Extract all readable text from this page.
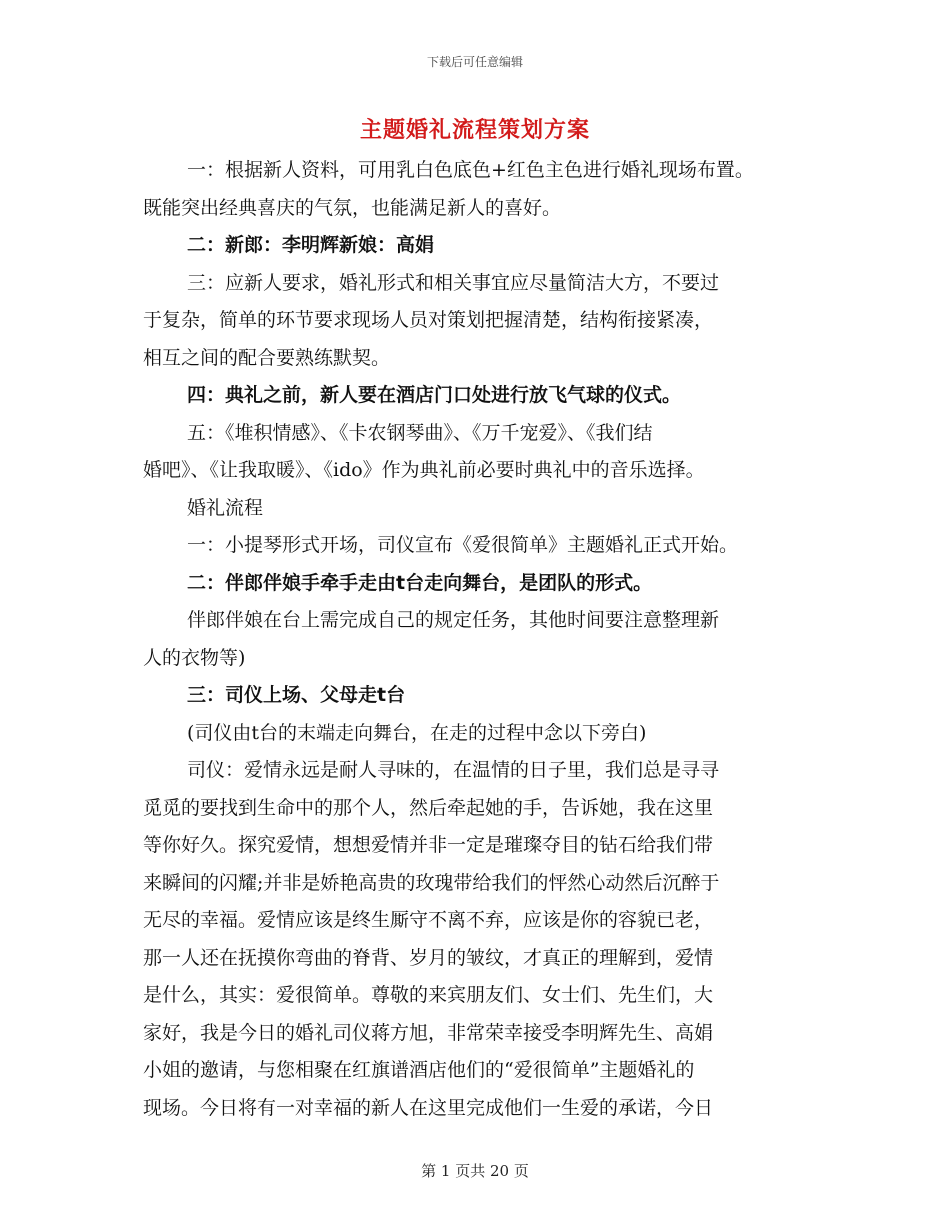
下载后可任意编辑
主题婚礼流程策划方案
一：根据新人资料，可用乳白色底色+红色主色进行婚礼现场布置。
既能突出经典喜庆的气氛，也能满足新人的喜好。
二：新郎：李明辉新娘：高娟
三：应新人要求，婚礼形式和相关事宜应尽量简洁大方，不要过
于复杂，简单的环节要求现场人员对策划把握清楚，结构衔接紧凑，
相互之间的配合要熟练默契。
四：典礼之前，新人要在酒店门口处进行放飞气球的仪式。
五：《堆积情感》、《卡农钢琴曲》、《万千宠爱》、《我们结
婚吧》、《让我取暖》、《ido》作为典礼前必要时典礼中的音乐选择。
婚礼流程
一：小提琴形式开场，司仪宣布《爱很简单》主题婚礼正式开始。
二：伴郎伴娘手牵手走由t台走向舞台，是团队的形式。
伴郎伴娘在台上需完成自己的规定任务，其他时间要注意整理新
人的衣物等)
三：司仪上场、父母走t台
(司仪由t台的末端走向舞台，在走的过程中念以下旁白)
司仪：爱情永远是耐人寻味的，在温情的日子里，我们总是寻寻
觅觅的要找到生命中的那个人，然后牵起她的手，告诉她，我在这里
等你好久。探究爱情，想想爱情并非一定是璀璨夺目的钻石给我们带
来瞬间的闪耀;并非是娇艳高贵的玫瑰带给我们的怦然心动然后沉醉于
无尽的幸福。爱情应该是终生厮守不离不弃，应该是你的容貌已老，
那一人还在抚摸你弯曲的脊背、岁月的皱纹，才真正的理解到，爱情
是什么，其实：爱很简单。尊敬的来宾朋友们、女士们、先生们，大
家好，我是今日的婚礼司仪蒋方旭，非常荣幸接受李明辉先生、高娟
小姐的邀请，与您相聚在红旗谱酒店他们的“爱很简单”主题婚礼的
现场。今日将有一对幸福的新人在这里完成他们一生爱的承诺，今日
第 1 页共 20 页
